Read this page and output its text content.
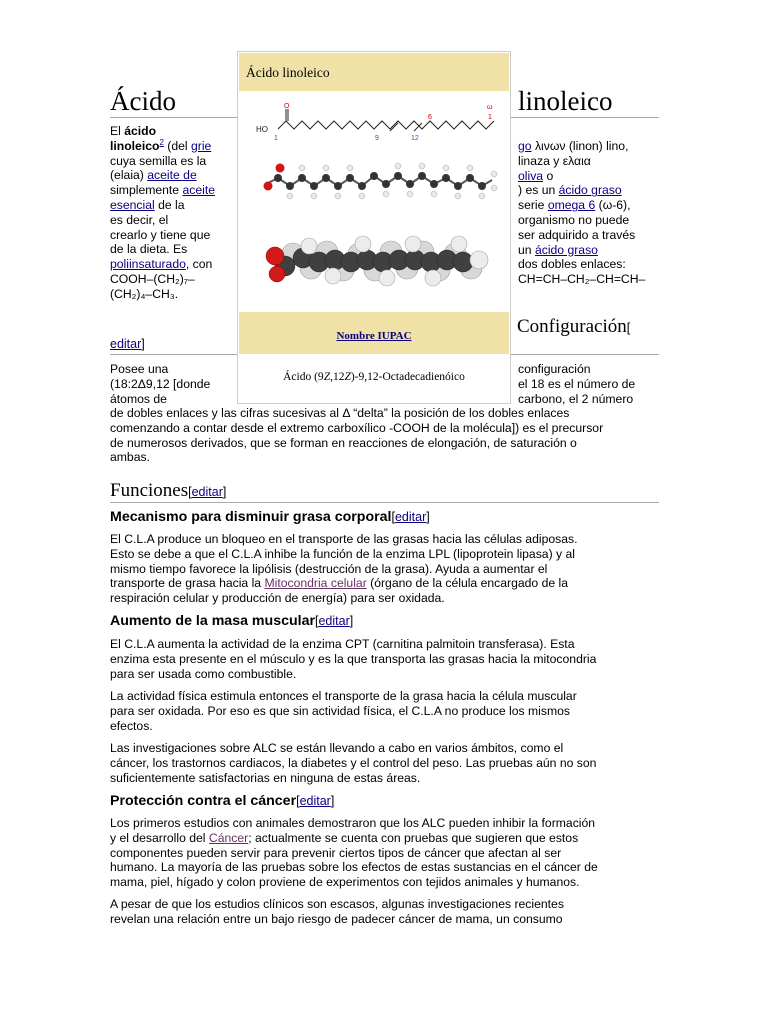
Ácido	linoleico
El ácido
linoleico$^2$ (del grie
cuya semilla es la
(elaia) aceite de
simplemente aceite
esencial de la
es decir, el
crearlo y tiene que
de la dieta. Es
poliinsaturado, con
COOH–(CH₂)₇–
(CH₂)₄–CH₃.
go λινων (linon) lino,
linaza y ελαια
oliva o
) es un ácido graso
serie omega 6 (ω-6),
organismo no puede
ser adquirido a través
un ácido graso
dos dobles enlaces:
CH=CH–CH₂–CH=CH–
Configuración[
editar]
Posee una
(18:2Δ9,12 [donde
átomos de
configuración
el 18 es el número de
carbono, el 2 número
de dobles enlaces y las cifras sucesivas al Δ “delta” la posición de los dobles enlaces
comenzando a contar desde el extremo carboxílico -COOH de la molécula]) es el precursor
de numerosos derivados, que se forman en reacciones de elongación, de saturación o
ambas.
Ácido linoleico
O
HO
1	9	12
6	1
ω
Nombre IUPAC
Ácido (9Z,12Z)-9,12-Octadecadienóico
Funciones[editar]
Mecanismo para disminuir grasa corporal[editar]
El C.L.A produce un bloqueo en el transporte de las grasas hacia las células adiposas.
Esto se debe a que el C.L.A inhibe la función de la enzima LPL (lipoprotein lipasa) y al
mismo tiempo favorece la lipólisis (destrucción de la grasa). Ayuda a aumentar el
transporte de grasa hacia la Mitocondria celular (órgano de la célula encargado de la
respiración celular y producción de energía) para ser oxidada.
Aumento de la masa muscular[editar]
El C.L.A aumenta la actividad de la enzima CPT (carnitina palmitoin transferasa). Esta
enzima esta presente en el músculo y es la que transporta las grasas hacia la mitocondria
para ser usada como combustible.
La actividad física estimula entonces el transporte de la grasa hacia la célula muscular
para ser oxidada. Por eso es que sin actividad física, el C.L.A no produce los mismos
efectos.
Las investigaciones sobre ALC se están llevando a cabo en varios ámbitos, como el
cáncer, los trastornos cardiacos, la diabetes y el control del peso. Las pruebas aún no son
suficientemente satisfactorias en ninguna de estas áreas.
Protección contra el cáncer[editar]
Los primeros estudios con animales demostraron que los ALC pueden inhibir la formación
y el desarrollo del Cáncer; actualmente se cuenta con pruebas que sugieren que estos
componentes pueden servir para prevenir ciertos tipos de cáncer que afectan al ser
humano. La mayoría de las pruebas sobre los efectos de estas sustancias en el cáncer de
mama, piel, hígado y colon proviene de experimentos con tejidos animales y humanos.
A pesar de que los estudios clínicos son escasos, algunas investigaciones recientes
revelan una relación entre un bajo riesgo de padecer cáncer de mama, un consumo
